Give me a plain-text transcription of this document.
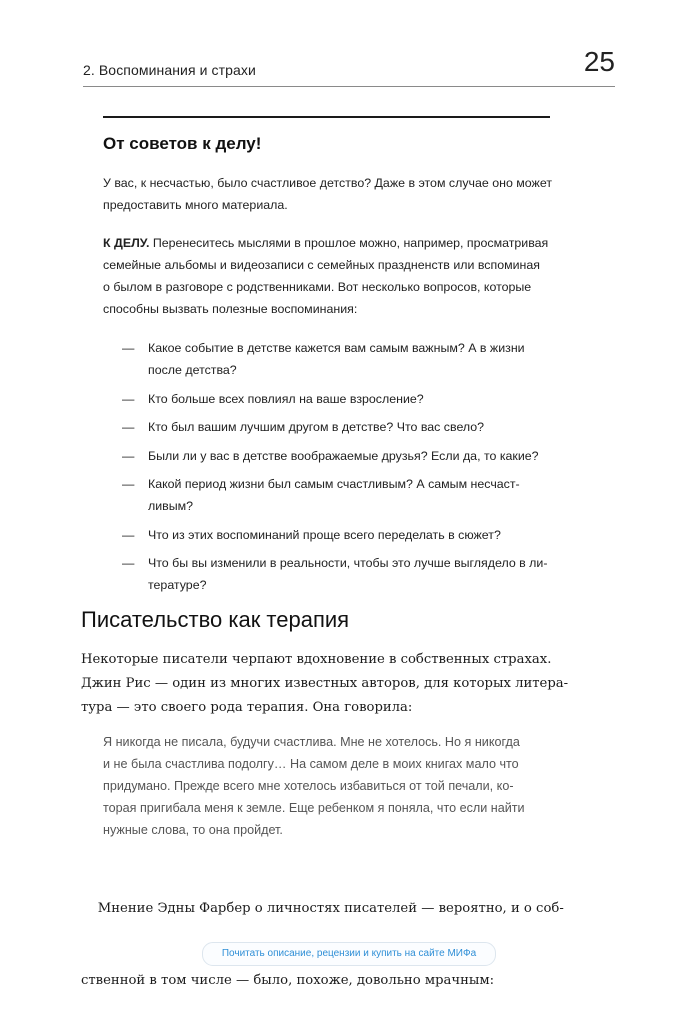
2. Воспоминания и страхи	25
От советов к делу!
У вас, к несчастью, было счастливое детство? Даже в этом случае оно может
предоставить много материала.
К ДЕЛУ. Перенеситесь мыслями в прошлое можно, например, просматривая
семейные альбомы и видеозаписи с семейных праздненств или вспоминая
о былом в разговоре с родственниками. Вот несколько вопросов, которые
способны вызвать полезные воспоминания:
— Какое событие в детстве кажется вам самым важным? А в жизни
после детства?
— Кто больше всех повлиял на ваше взросление?
— Кто был вашим лучшим другом в детстве? Что вас свело?
— Были ли у вас в детстве воображаемые друзья? Если да, то какие?
— Какой период жизни был самым счастливым? А самым несчаст-
ливым?
— Что из этих воспоминаний проще всего переделать в сюжет?
— Что бы вы изменили в реальности, чтобы это лучше выглядело в ли-
тературе?
Писательство как терапия
Некоторые писатели черпают вдохновение в собственных страхах.
Джин Рис — один из многих известных авторов, для которых литера-
тура — это своего рода терапия. Она говорила:
Я никогда не писала, будучи счастлива. Мне не хотелось. Но я никогда
и не была счастлива подолгу… На самом деле в моих книгах мало что
придумано. Прежде всего мне хотелось избавиться от той печали, ко-
торая пригибала меня к земле. Еще ребенком я поняла, что если найти
нужные слова, то она пройдет.

Мнение Эдны Фарбер о личностях писателей — вероятно, и о соб-

ственной в том числе — было, похоже, довольно мрачным:

Почитать описание, рецензии и купить на сайте МИФа
